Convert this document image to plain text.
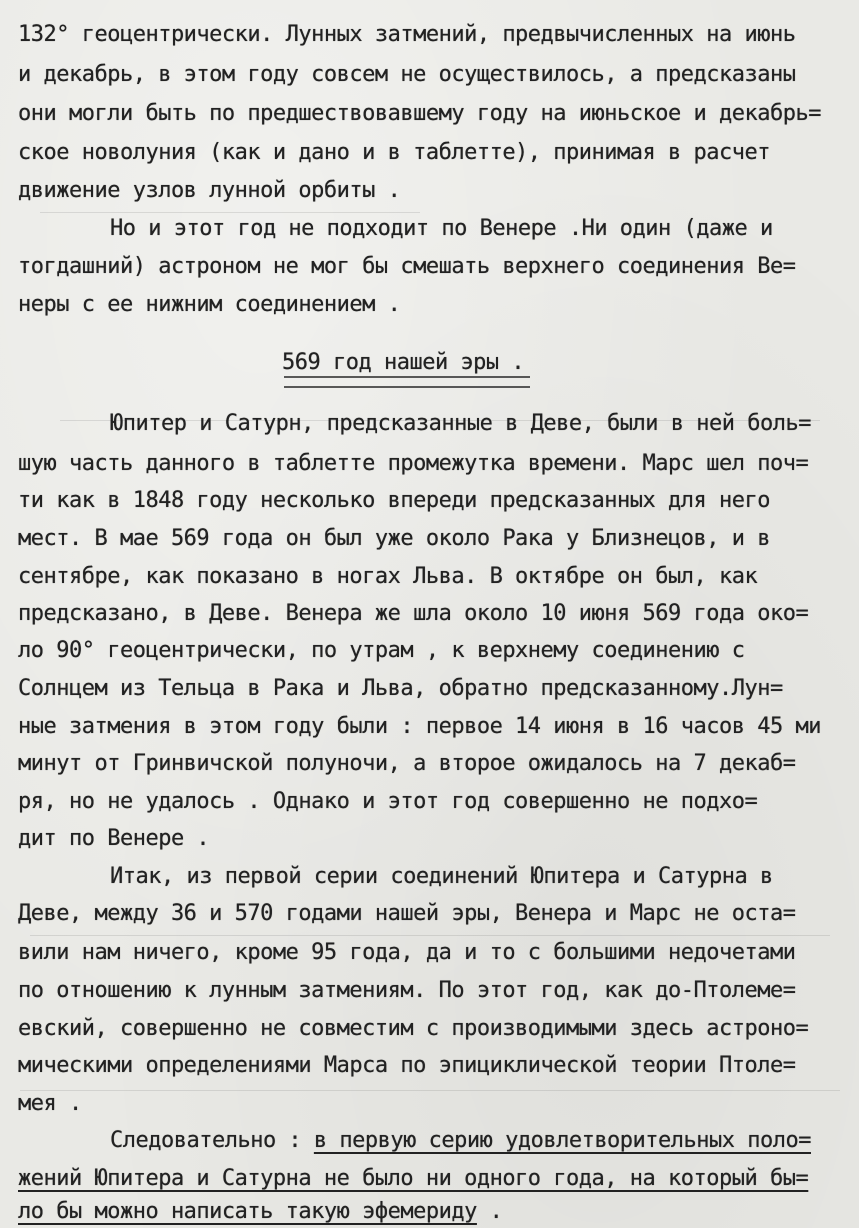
132° геоцентрически. Лунных затмений, предвычисленных на июнь
и декабрь, в этом году совсем не осуществилось, а предсказаны
они могли быть по предшествовавшему году на июньское и декабрь=
ское новолуния (как и дано и в таблетте), принимая в расчет
движение узлов лунной орбиты .
Но и этот год не подходит по Венере .Ни один (даже и
тогдашний) астроном не мог бы смешать верхнего соединения Ве=
неры с ее нижним соединением .
569 год нашей эры .
Юпитер и Сатурн, предсказанные в Деве, были в ней боль=
шую часть данного в таблетте промежутка времени. Марс шел поч=
ти как в 1848 году несколько впереди предсказанных для него
мест. В мае 569 года он был уже около Рака у Близнецов, и в
сентябре, как показано в ногах Льва. В октябре он был, как
предсказано, в Деве. Венера же шла около 10 июня 569 года око=
ло 90° геоцентрически, по утрам , к верхнему соединению с
Солнцем из Тельца в Рака и Льва, обратно предсказанному.Лун=
ные затмения в этом году были : первое 14 июня в 16 часов 45 ми
минут от Гринвичской полуночи, а второе ожидалось на 7 декаб=
ря, но не удалось . Однако и этот год совершенно не подхо=
дит по Венере .
Итак, из первой серии соединений Юпитера и Сатурна в
Деве, между 36 и 570 годами нашей эры, Венера и Марс не оста=
вили нам ничего, кроме 95 года, да и то с большими недочетами
по отношению к лунным затмениям. По этот год, как до-Птолеме=
евский, совершенно не совместим с производимыми здесь астроно=
мическими определениями Марса по эпициклической теории Птоле=
мея .
Следовательно : в первую серию удовлетворительных поло=
жений Юпитера и Сатурна не было ни одного года, на который бы=
ло бы можно написать такую эфемериду .
